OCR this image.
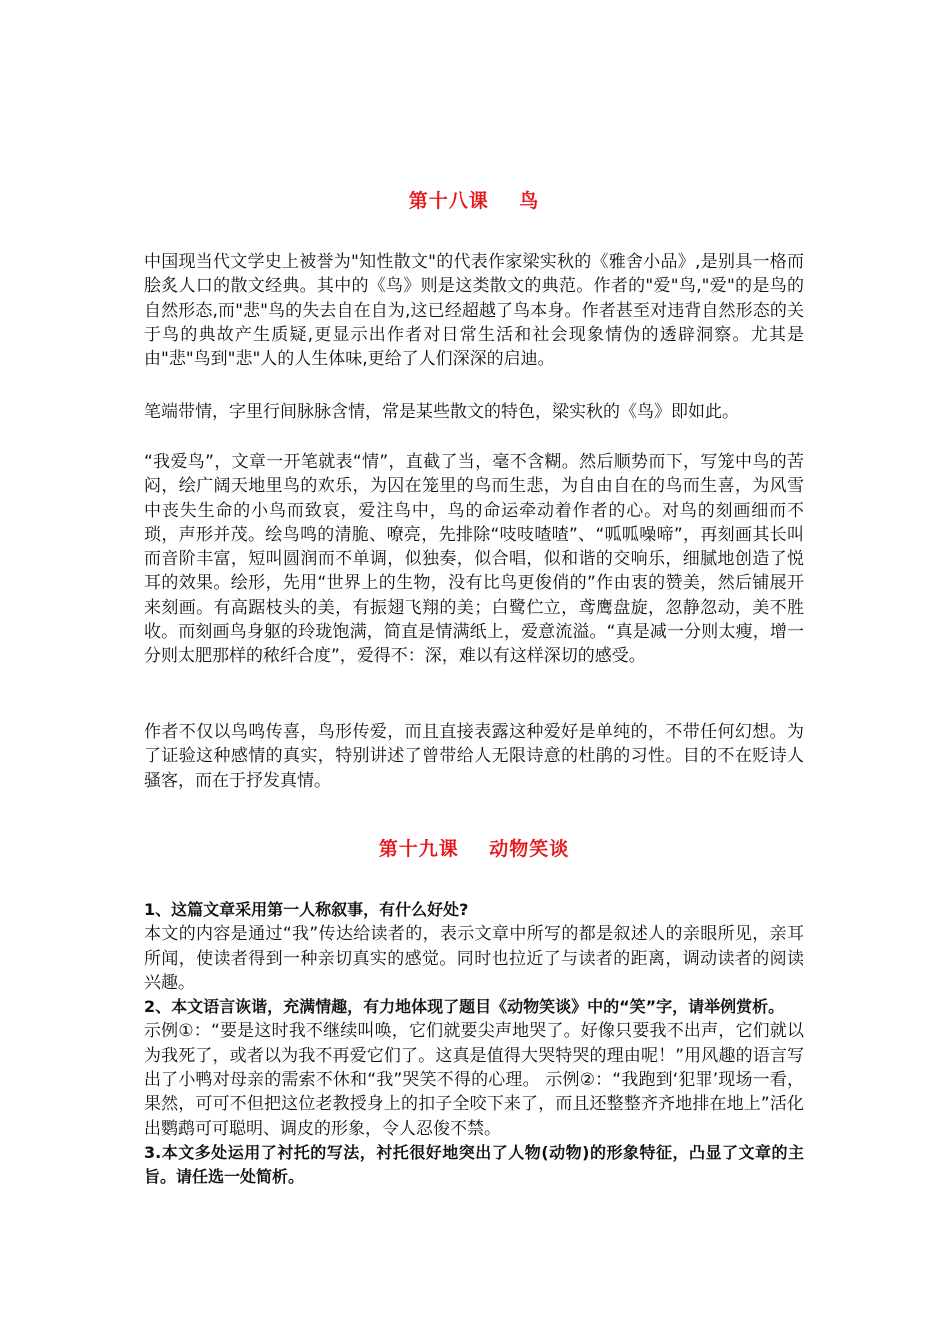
第十八课    鸟

中国现当代文学史上被誉为"知性散文"的代表作家梁实秋的《雅舍小品》,是别具一格而脍炙人口的散文经典。其中的《鸟》则是这类散文的典范。作者的"爱"鸟,"爱"的是鸟的自然形态,而"悲"鸟的失去自在自为,这已经超越了鸟本身。作者甚至对违背自然形态的关于鸟的典故产生质疑,更显示出作者对日常生活和社会现象情伪的透辟洞察。尤其是由"悲"鸟到"悲"人的人生体味,更给了人们深深的启迪。

笔端带情，字里行间脉脉含情，常是某些散文的特色，梁实秋的《鸟》即如此。

“我爱鸟”，文章一开笔就表“情”，直截了当，毫不含糊。然后顺势而下，写笼中鸟的苦闷，绘广阔天地里鸟的欢乐，为囚在笼里的鸟而生悲，为自由自在的鸟而生喜，为风雪中丧失生命的小鸟而致哀，爱注鸟中，鸟的命运牵动着作者的心。对鸟的刻画细而不琐，声形并茂。绘鸟鸣的清脆、嘹亮，先排除“吱吱喳喳”、“呱呱噪啼”，再刻画其长叫而音阶丰富，短叫圆润而不单调，似独奏，似合唱，似和谐的交响乐，细腻地创造了悦耳的效果。绘形，先用“世界上的生物，没有比鸟更俊俏的”作由衷的赞美，然后铺展开来刻画。有高踞枝头的美，有振翅飞翔的美；白鹭伫立，鸢鹰盘旋，忽静忽动，美不胜收。而刻画鸟身躯的玲珑饱满，简直是情满纸上，爱意流溢。“真是减一分则太瘦，增一分则太肥那样的秾纤合度”，爱得不：深，难以有这样深切的感受。

作者不仅以鸟鸣传喜，鸟形传爱，而且直接表露这种爱好是单纯的，不带任何幻想。为了证验这种感情的真实，特别讲述了曾带给人无限诗意的杜鹃的习性。目的不在贬诗人骚客，而在于抒发真情。

第十九课    动物笑谈

1、这篇文章采用第一人称叙事，有什么好处?

本文的内容是通过“我”传达给读者的，表示文章中所写的都是叙述人的亲眼所见，亲耳所闻，使读者得到一种亲切真实的感觉。同时也拉近了与读者的距离，调动读者的阅读兴趣。

2、本文语言诙谐，充满情趣，有力地体现了题目《动物笑谈》中的“笑”字，请举例赏析。

示例①：“要是这时我不继续叫唤，它们就要尖声地哭了。好像只要我不出声，它们就以为我死了，或者以为我不再爱它们了。这真是值得大哭特哭的理由呢！”用风趣的语言写出了小鸭对母亲的需索不休和“我”哭笑不得的心理。 示例②：“我跑到‘犯罪’现场一看，果然，可可不但把这位老教授身上的扣子全咬下来了，而且还整整齐齐地排在地上”活化出鹦鹉可可聪明、调皮的形象，令人忍俊不禁。

3.本文多处运用了衬托的写法，衬托很好地突出了人物(动物)的形象特征，凸显了文章的主旨。请任选一处简析。
